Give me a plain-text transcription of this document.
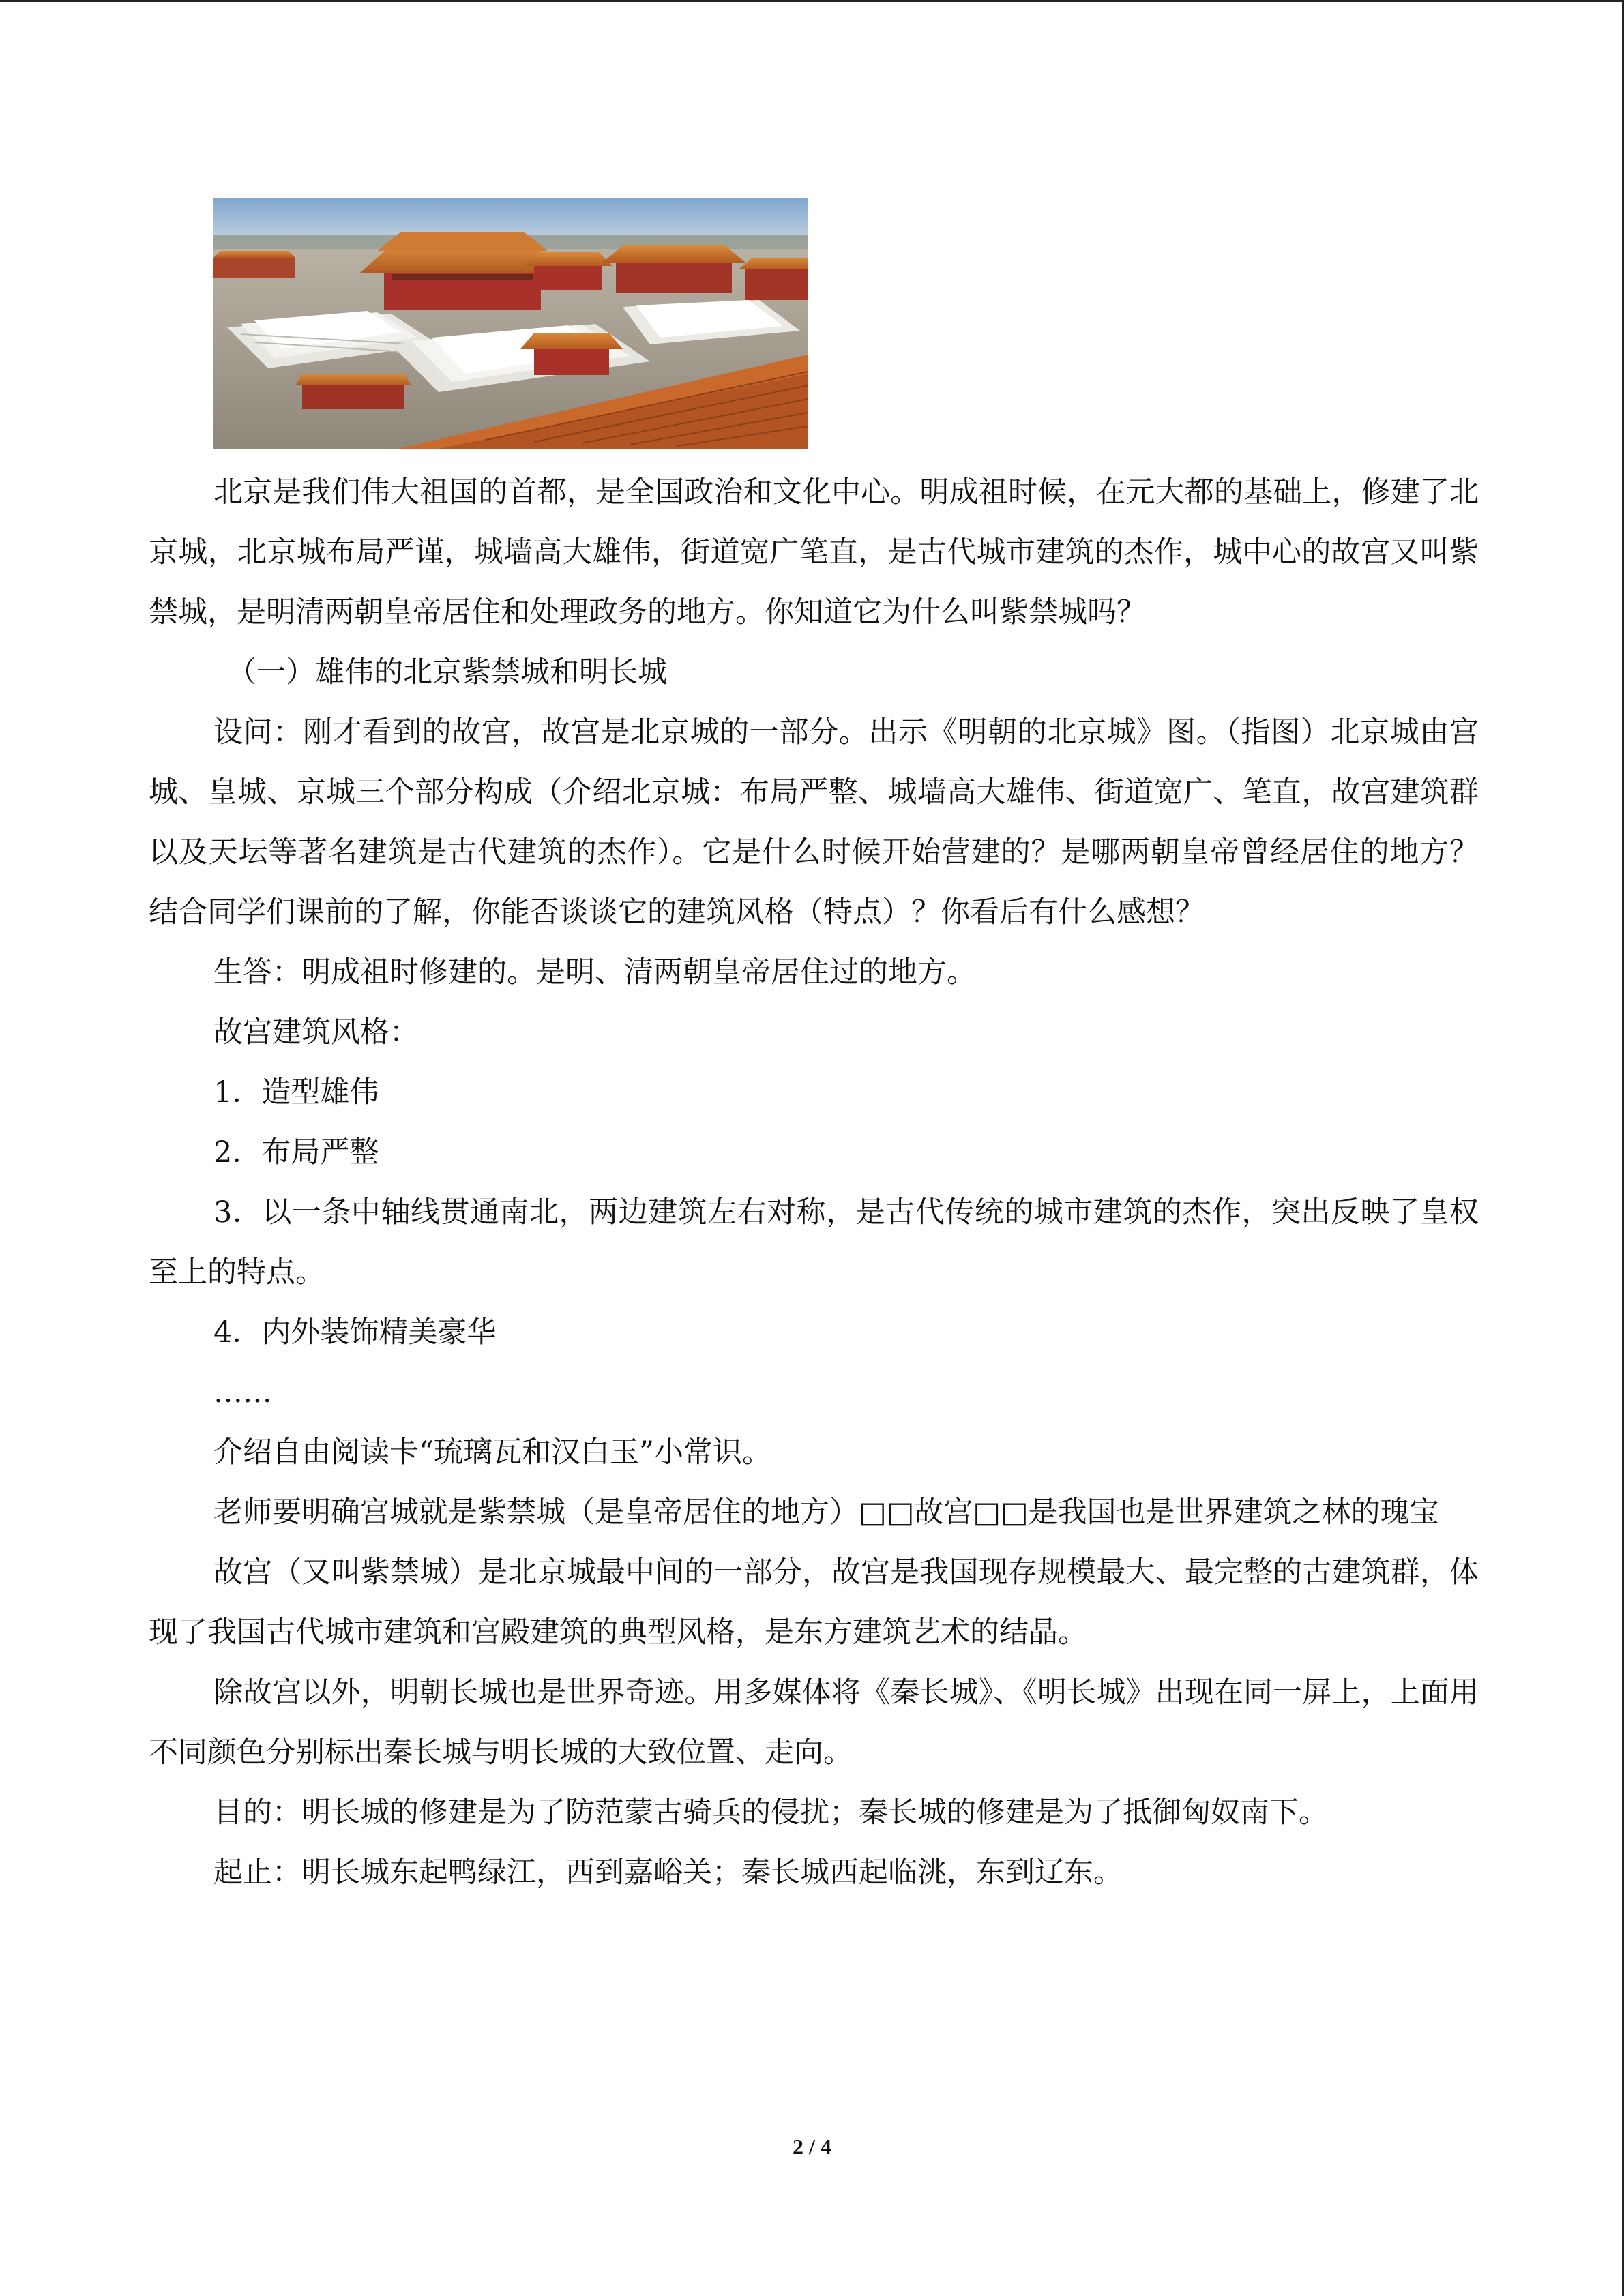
北京是我们伟大祖国的首都，是全国政治和文化中心。明成祖时候，在元大都的基础上，修建了北京城，北京城布局严谨，城墙高大雄伟，街道宽广笔直，是古代城市建筑的杰作，城中心的故宫又叫紫禁城，是明清两朝皇帝居住和处理政务的地方。你知道它为什么叫紫禁城吗？

（一）雄伟的北京紫禁城和明长城

设问：刚才看到的故宫，故宫是北京城的一部分。出示《明朝的北京城》图。（指图）北京城由宫城、皇城、京城三个部分构成（介绍北京城：布局严整、城墙高大雄伟、街道宽广、笔直，故宫建筑群以及天坛等著名建筑是古代建筑的杰作）。它是什么时候开始营建的？是哪两朝皇帝曾经居住的地方？结合同学们课前的了解，你能否谈谈它的建筑风格（特点）？你看后有什么感想？

生答：明成祖时修建的。是明、清两朝皇帝居住过的地方。

故宫建筑风格：

1．造型雄伟

2．布局严整

3．以一条中轴线贯通南北，两边建筑左右对称，是古代传统的城市建筑的杰作，突出反映了皇权至上的特点。

4．内外装饰精美豪华

……

介绍自由阅读卡“琉璃瓦和汉白玉”小常识。

老师要明确宫城就是紫禁城（是皇帝居住的地方）□□故宫□□是我国也是世界建筑之林的瑰宝

故宫（又叫紫禁城）是北京城最中间的一部分，故宫是我国现存规模最大、最完整的古建筑群，体现了我国古代城市建筑和宫殿建筑的典型风格，是东方建筑艺术的结晶。

除故宫以外，明朝长城也是世界奇迹。用多媒体将《秦长城》、《明长城》出现在同一屏上，上面用不同颜色分别标出秦长城与明长城的大致位置、走向。

目的：明长城的修建是为了防范蒙古骑兵的侵扰；秦长城的修建是为了抵御匈奴南下。

起止：明长城东起鸭绿江，西到嘉峪关；秦长城西起临洮，东到辽东。

2 / 4
